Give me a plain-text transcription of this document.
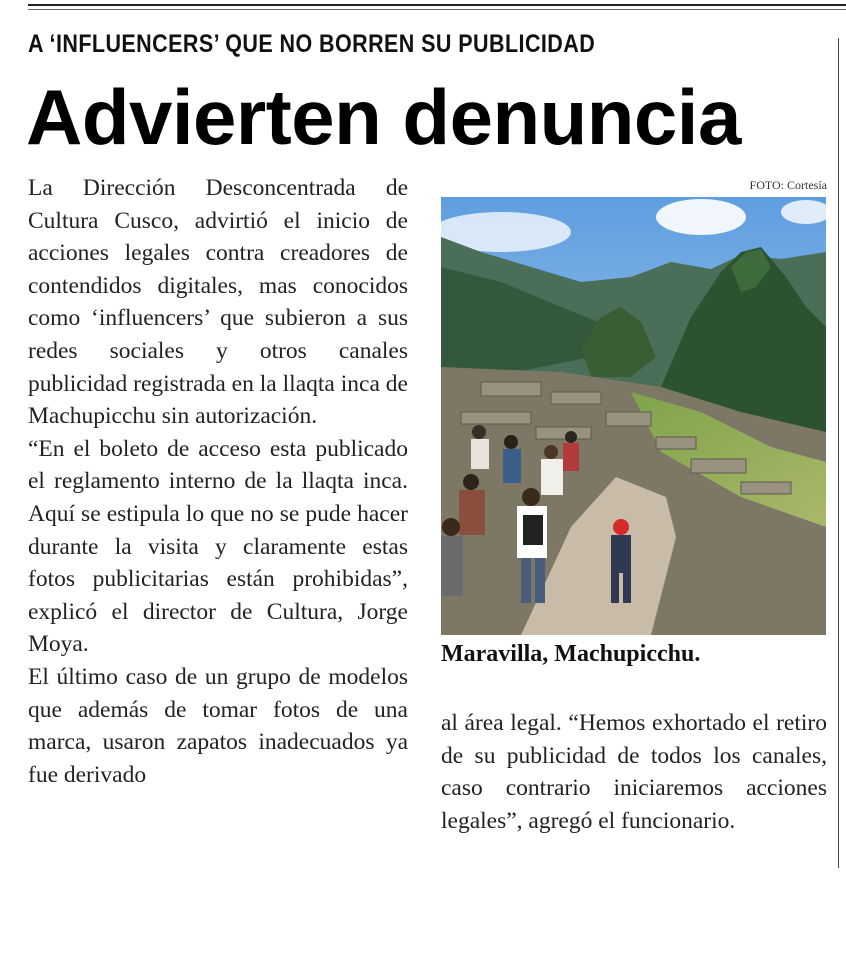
A ‘INFLUENCERS’ QUE NO BORREN SU PUBLICIDAD
Advierten denuncia

La Dirección Desconcentrada de Cultura Cusco, advirtió el inicio de acciones legales contra creadores de contendidos digitales, mas conocidos como ‘influencers’ que subieron a sus redes sociales y otros canales publicidad registrada en la llaqta inca de Machupicchu sin autorización.

“En el boleto de acceso esta publicado el reglamento interno de la llaqta inca. Aquí se estipula lo que no se pude hacer durante la visita y claramente estas fotos publicitarias están prohibidas”, explicó el director de Cultura, Jorge Moya.

El último caso de un grupo de modelos que además de tomar fotos de una marca, usaron zapatos inadecuados ya fue derivado

FOTO: Cortesía
Maravilla, Machupicchu.

al área legal. “Hemos exhortado el retiro de su publicidad de todos los canales, caso contrario iniciaremos acciones legales”, agregó el funcionario.
